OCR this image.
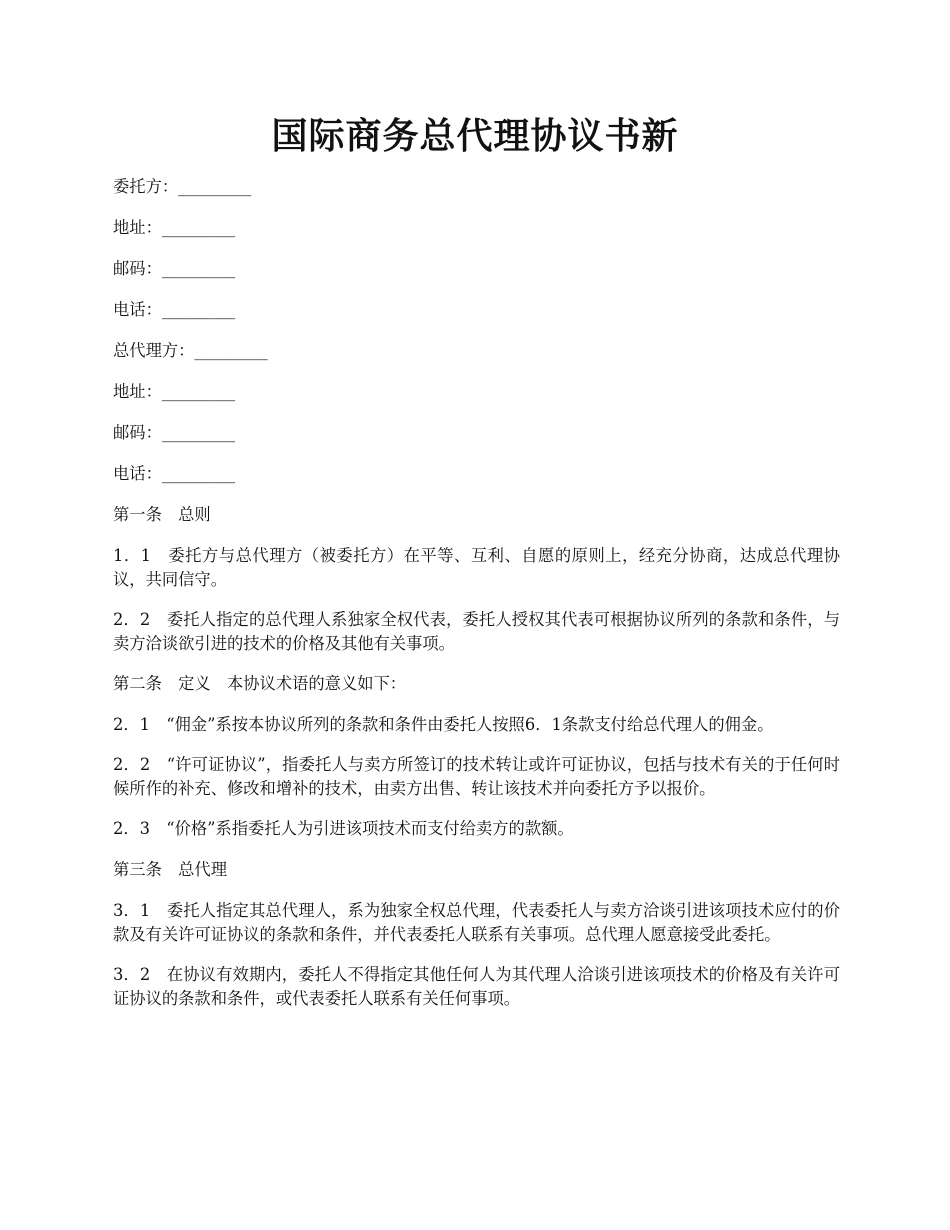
国际商务总代理协议书新

委托方：_________

地址：_________

邮码：_________

电话：_________

总代理方：_________

地址：_________

邮码：_________

电话：_________

第一条　总则

1．1　委托方与总代理方（被委托方）在平等、互利、自愿的原则上，经充分协商，达成总代理协议，共同信守。

2．2　委托人指定的总代理人系独家全权代表，委托人授权其代表可根据协议所列的条款和条件，与卖方洽谈欲引进的技术的价格及其他有关事项。

第二条　定义　本协议术语的意义如下：

2．1　“佣金”系按本协议所列的条款和条件由委托人按照6．1条款支付给总代理人的佣金。

2．2　“许可证协议”，指委托人与卖方所签订的技术转让或许可证协议，包括与技术有关的于任何时候所作的补充、修改和增补的技术，由卖方出售、转让该技术并向委托方予以报价。

2．3　“价格”系指委托人为引进该项技术而支付给卖方的款额。

第三条　总代理

3．1　委托人指定其总代理人，系为独家全权总代理，代表委托人与卖方洽谈引进该项技术应付的价款及有关许可证协议的条款和条件，并代表委托人联系有关事项。总代理人愿意接受此委托。

3．2　在协议有效期内，委托人不得指定其他任何人为其代理人洽谈引进该项技术的价格及有关许可证协议的条款和条件，或代表委托人联系有关任何事项。
